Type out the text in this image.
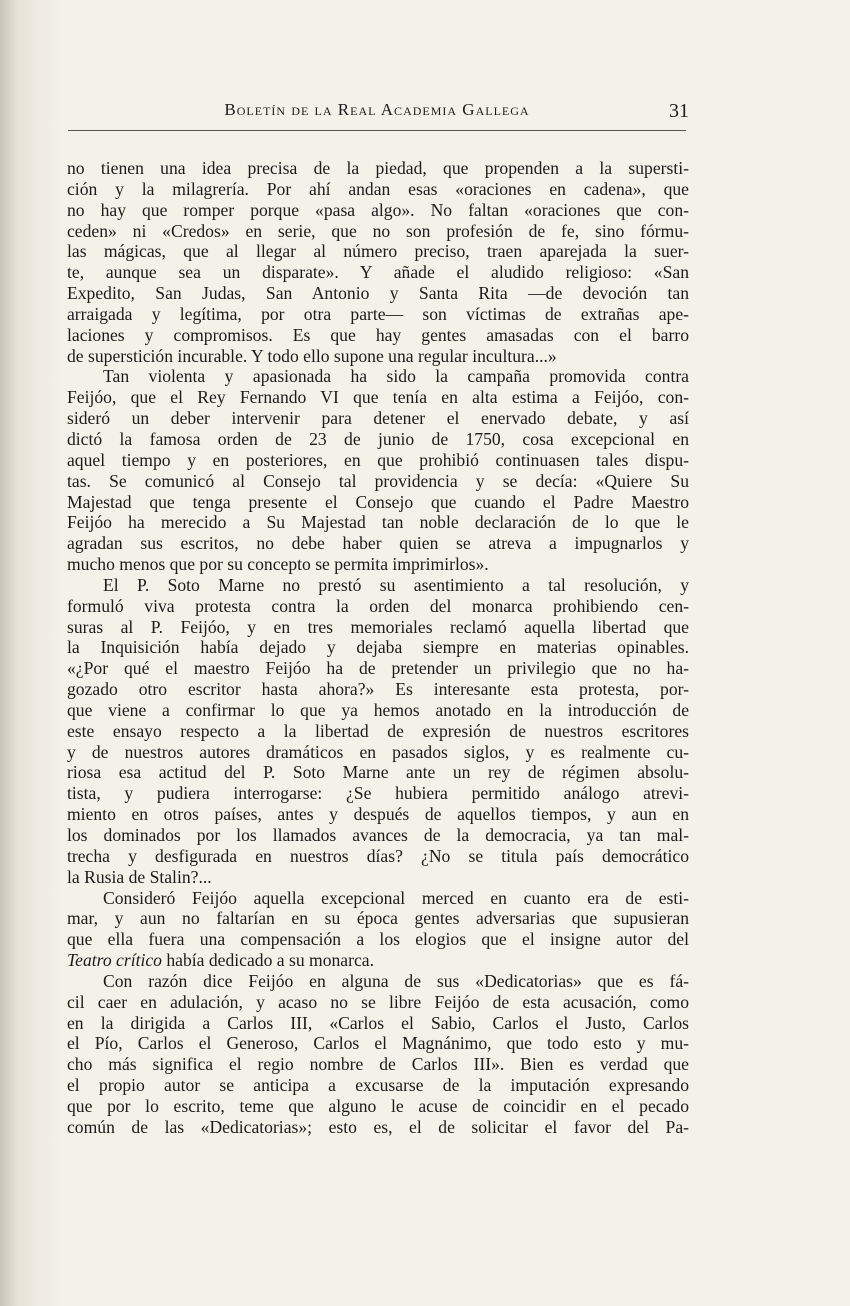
Boletín de la Real Academia Gallega	31
no tienen una idea precisa de la piedad, que propenden a la supersti-
ción y la milagrería. Por ahí andan esas «oraciones en cadena», que
no hay que romper porque «pasa algo». No faltan «oraciones que con-
ceden» ni «Credos» en serie, que no son profesión de fe, sino fórmu-
las mágicas, que al llegar al número preciso, traen aparejada la suer-
te, aunque sea un disparate». Y añade el aludido religioso: «San
Expedito, San Judas, San Antonio y Santa Rita —de devoción tan
arraigada y legítima, por otra parte— son víctimas de extrañas ape-
laciones y compromisos. Es que hay gentes amasadas con el barro
de superstición incurable. Y todo ello supone una regular incultura...»
Tan violenta y apasionada ha sido la campaña promovida contra
Feijóo, que el Rey Fernando VI que tenía en alta estima a Feijóo, con-
sideró un deber intervenir para detener el enervado debate, y así
dictó la famosa orden de 23 de junio de 1750, cosa excepcional en
aquel tiempo y en posteriores, en que prohibió continuasen tales dispu-
tas. Se comunicó al Consejo tal providencia y se decía: «Quiere Su
Majestad que tenga presente el Consejo que cuando el Padre Maestro
Feijóo ha merecido a Su Majestad tan noble declaración de lo que le
agradan sus escritos, no debe haber quien se atreva a impugnarlos y
mucho menos que por su concepto se permita imprimirlos».
El P. Soto Marne no prestó su asentimiento a tal resolución, y
formuló viva protesta contra la orden del monarca prohibiendo cen-
suras al P. Feijóo, y en tres memoriales reclamó aquella libertad que
la Inquisición había dejado y dejaba siempre en materias opinables.
«¿Por qué el maestro Feijóo ha de pretender un privilegio que no ha-
gozado otro escritor hasta ahora?» Es interesante esta protesta, por-
que viene a confirmar lo que ya hemos anotado en la introducción de
este ensayo respecto a la libertad de expresión de nuestros escritores
y de nuestros autores dramáticos en pasados siglos, y es realmente cu-
riosa esa actitud del P. Soto Marne ante un rey de régimen absolu-
tista, y pudiera interrogarse: ¿Se hubiera permitido análogo atrevi-
miento en otros países, antes y después de aquellos tiempos, y aun en
los dominados por los llamados avances de la democracia, ya tan mal-
trecha y desfigurada en nuestros días? ¿No se titula país democrático
la Rusia de Stalin?...
Consideró Feijóo aquella excepcional merced en cuanto era de esti-
mar, y aun no faltarían en su época gentes adversarias que supusieran
que ella fuera una compensación a los elogios que el insigne autor del
Teatro crítico había dedicado a su monarca.
Con razón dice Feijóo en alguna de sus «Dedicatorias» que es fá-
cil caer en adulación, y acaso no se libre Feijóo de esta acusación, como
en la dirigida a Carlos III, «Carlos el Sabio, Carlos el Justo, Carlos
el Pío, Carlos el Generoso, Carlos el Magnánimo, que todo esto y mu-
cho más significa el regio nombre de Carlos III». Bien es verdad que
el propio autor se anticipa a excusarse de la imputación expresando
que por lo escrito, teme que alguno le acuse de coincidir en el pecado
común de las «Dedicatorias»; esto es, el de solicitar el favor del Pa-
